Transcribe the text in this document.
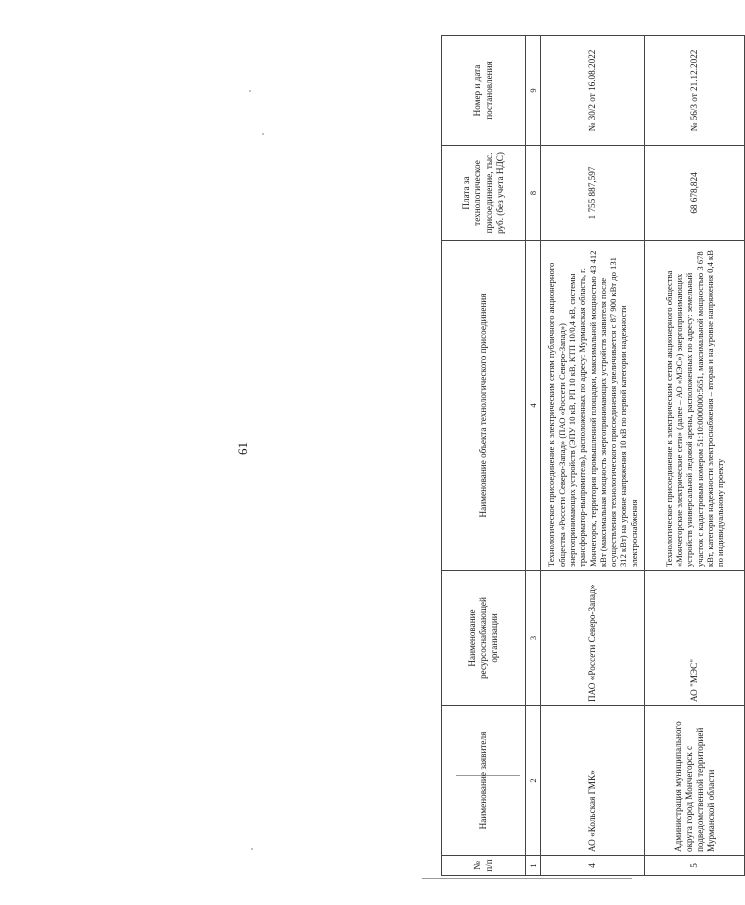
61
№ п/п	Наименование заявителя	Наименование ресурсоснабжающей организации	Наименование объекта технологического присоединения	Плата за технологическое присоединение, тыс. руб. (без учета НДС)	Номер и дата постановления
1	2	3	4	8	9
4	АО «Кольская ГМК»	ПАО «Россети Северо-Запад»	Технологическое присоединение к электрическим сетям публичного акционерного общества «Россети Северо-Запад» (ПАО «Россети Северо-Запад») энергопринимающих устройств (ЭПУ 10 кВ, РП 10 кВ, КТП 10/0,4 кВ, системы трансформатор-выпрямитель), расположенных по адресу: Мурманская область, г. Мончегорск, территория промышленной площадки, максимальной мощностью 43 412 кВт (максимальная мощность энергопринимающих устройств заявителя после осуществления технологического присоединения увеличивается с 87 900 кВт до 131 312 кВт) на уровне напряжения 10 кВ по первой категории надежности электроснабжения	1 755 887,597	№ 30/2 от 16.08.2022
5	Администрация муниципального округа город Мончегорск с подведомственной территорией Мурманской области	АО "МЭС"	Технологическое присоединение к электрическим сетям акционерного общества «Мончегорские электрические сети» (далее – АО «МЭС») энергопринимающих устройств универсальной ледовой арены, расположенных по адресу: земельный участок с кадастровым номером 51:10:0000000:5651, максимальной мощностью 3 678 кВт, категория надежности электроснабжения – вторая и на уровне напряжения 0,4 кВ по индивидуальному проекту	68 678,824	№ 56/3 от 21.12.2022
